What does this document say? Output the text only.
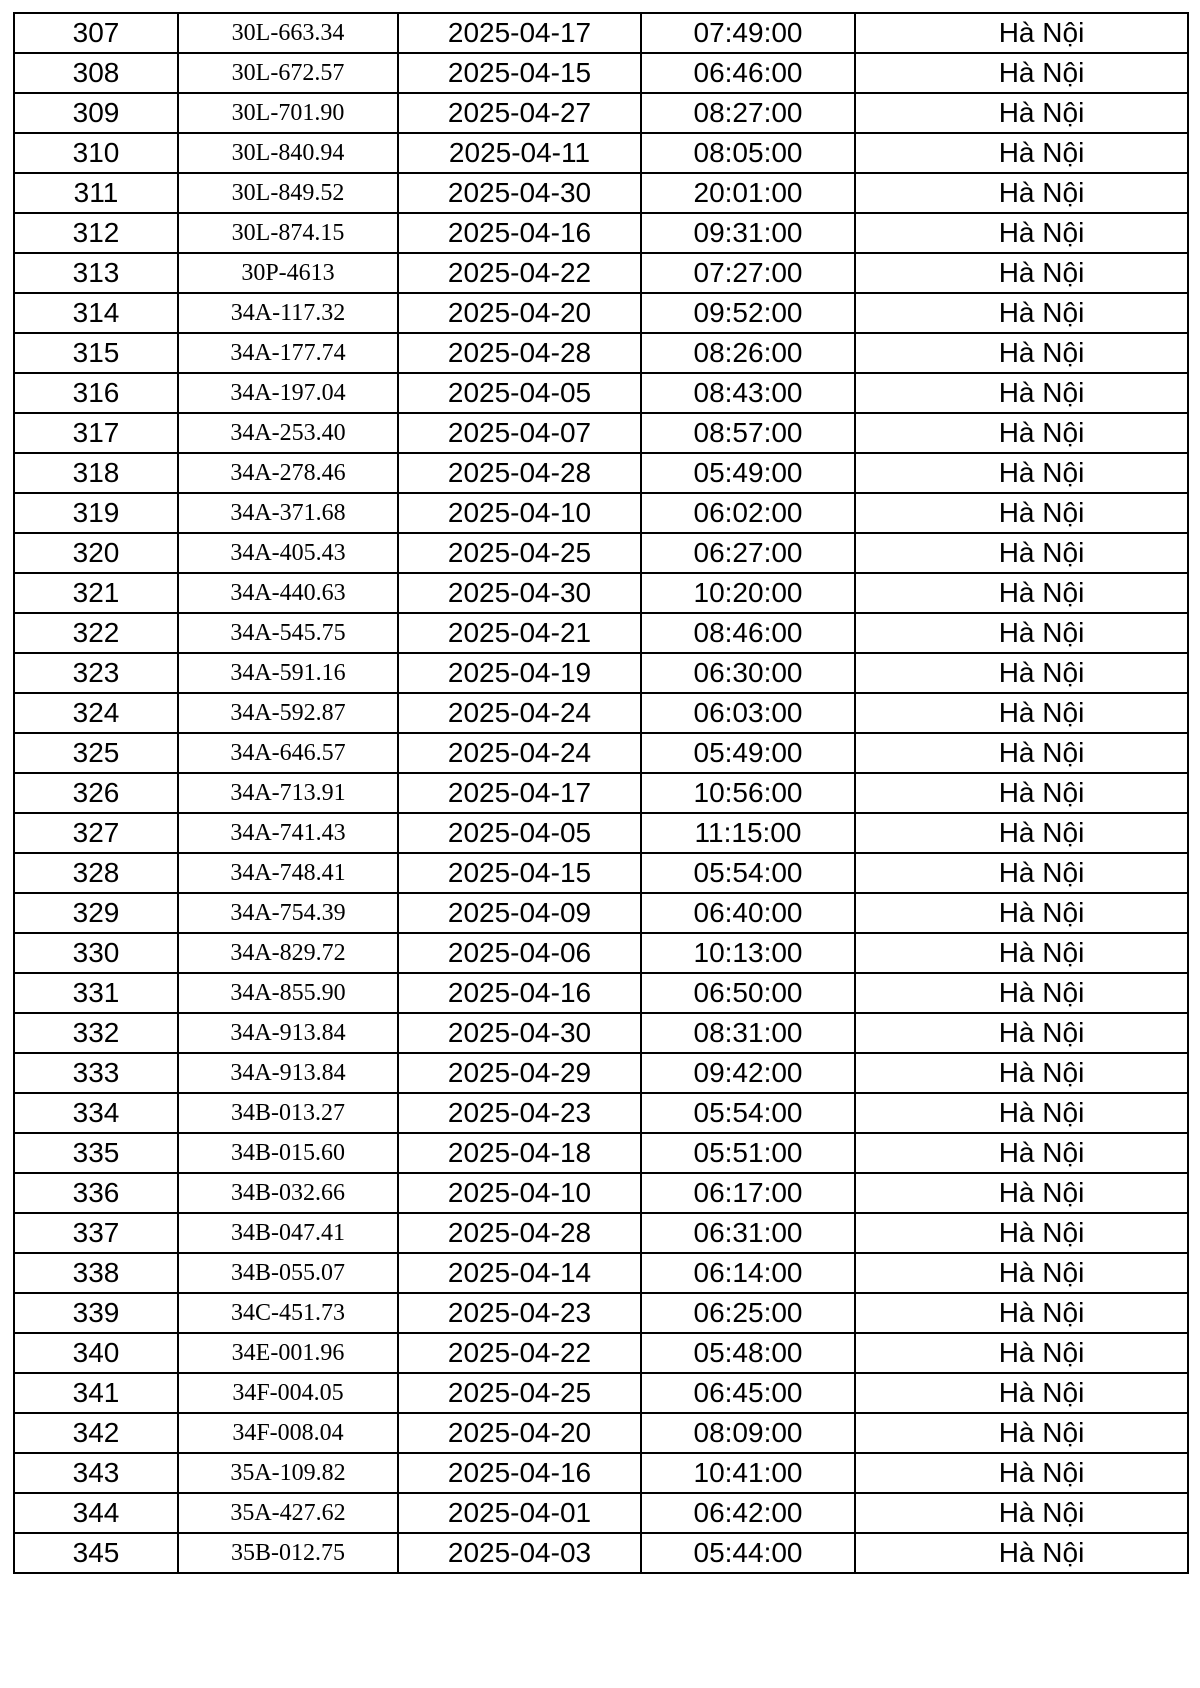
307	30L-663.34	2025-04-17	07:49:00	Hà Nội
308	30L-672.57	2025-04-15	06:46:00	Hà Nội
309	30L-701.90	2025-04-27	08:27:00	Hà Nội
310	30L-840.94	2025-04-11	08:05:00	Hà Nội
311	30L-849.52	2025-04-30	20:01:00	Hà Nội
312	30L-874.15	2025-04-16	09:31:00	Hà Nội
313	30P-4613	2025-04-22	07:27:00	Hà Nội
314	34A-117.32	2025-04-20	09:52:00	Hà Nội
315	34A-177.74	2025-04-28	08:26:00	Hà Nội
316	34A-197.04	2025-04-05	08:43:00	Hà Nội
317	34A-253.40	2025-04-07	08:57:00	Hà Nội
318	34A-278.46	2025-04-28	05:49:00	Hà Nội
319	34A-371.68	2025-04-10	06:02:00	Hà Nội
320	34A-405.43	2025-04-25	06:27:00	Hà Nội
321	34A-440.63	2025-04-30	10:20:00	Hà Nội
322	34A-545.75	2025-04-21	08:46:00	Hà Nội
323	34A-591.16	2025-04-19	06:30:00	Hà Nội
324	34A-592.87	2025-04-24	06:03:00	Hà Nội
325	34A-646.57	2025-04-24	05:49:00	Hà Nội
326	34A-713.91	2025-04-17	10:56:00	Hà Nội
327	34A-741.43	2025-04-05	11:15:00	Hà Nội
328	34A-748.41	2025-04-15	05:54:00	Hà Nội
329	34A-754.39	2025-04-09	06:40:00	Hà Nội
330	34A-829.72	2025-04-06	10:13:00	Hà Nội
331	34A-855.90	2025-04-16	06:50:00	Hà Nội
332	34A-913.84	2025-04-30	08:31:00	Hà Nội
333	34A-913.84	2025-04-29	09:42:00	Hà Nội
334	34B-013.27	2025-04-23	05:54:00	Hà Nội
335	34B-015.60	2025-04-18	05:51:00	Hà Nội
336	34B-032.66	2025-04-10	06:17:00	Hà Nội
337	34B-047.41	2025-04-28	06:31:00	Hà Nội
338	34B-055.07	2025-04-14	06:14:00	Hà Nội
339	34C-451.73	2025-04-23	06:25:00	Hà Nội
340	34E-001.96	2025-04-22	05:48:00	Hà Nội
341	34F-004.05	2025-04-25	06:45:00	Hà Nội
342	34F-008.04	2025-04-20	08:09:00	Hà Nội
343	35A-109.82	2025-04-16	10:41:00	Hà Nội
344	35A-427.62	2025-04-01	06:42:00	Hà Nội
345	35B-012.75	2025-04-03	05:44:00	Hà Nội
